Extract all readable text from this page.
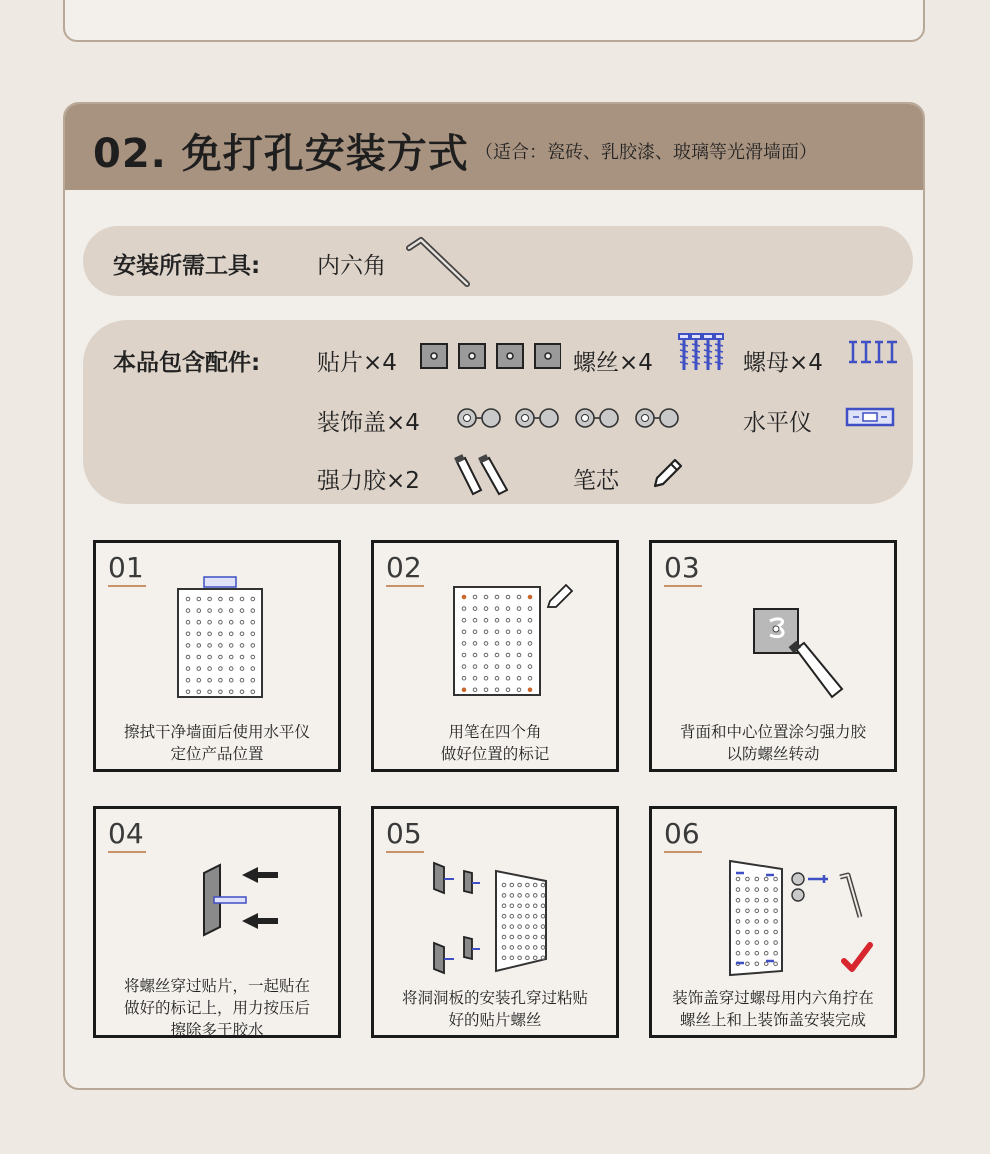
02. 免打孔安装方式 （适合：瓷砖、乳胶漆、玻璃等光滑墙面）
安装所需工具: 内六角
本品包含配件: 贴片×4	螺丝×4	螺母×4
装饰盖×4	水平仪
强力胶×2	笔芯
01
擦拭干净墙面后使用水平仪
定位产品位置
02
用笔在四个角
做好位置的标记
03
背面和中心位置涂匀强力胶
以防螺丝转动
04
将螺丝穿过贴片，一起贴在
做好的标记上，用力按压后
擦除多于胶水
05
将洞洞板的安装孔穿过粘贴
好的贴片螺丝
06
装饰盖穿过螺母用内六角拧在
螺丝上和上装饰盖安装完成
